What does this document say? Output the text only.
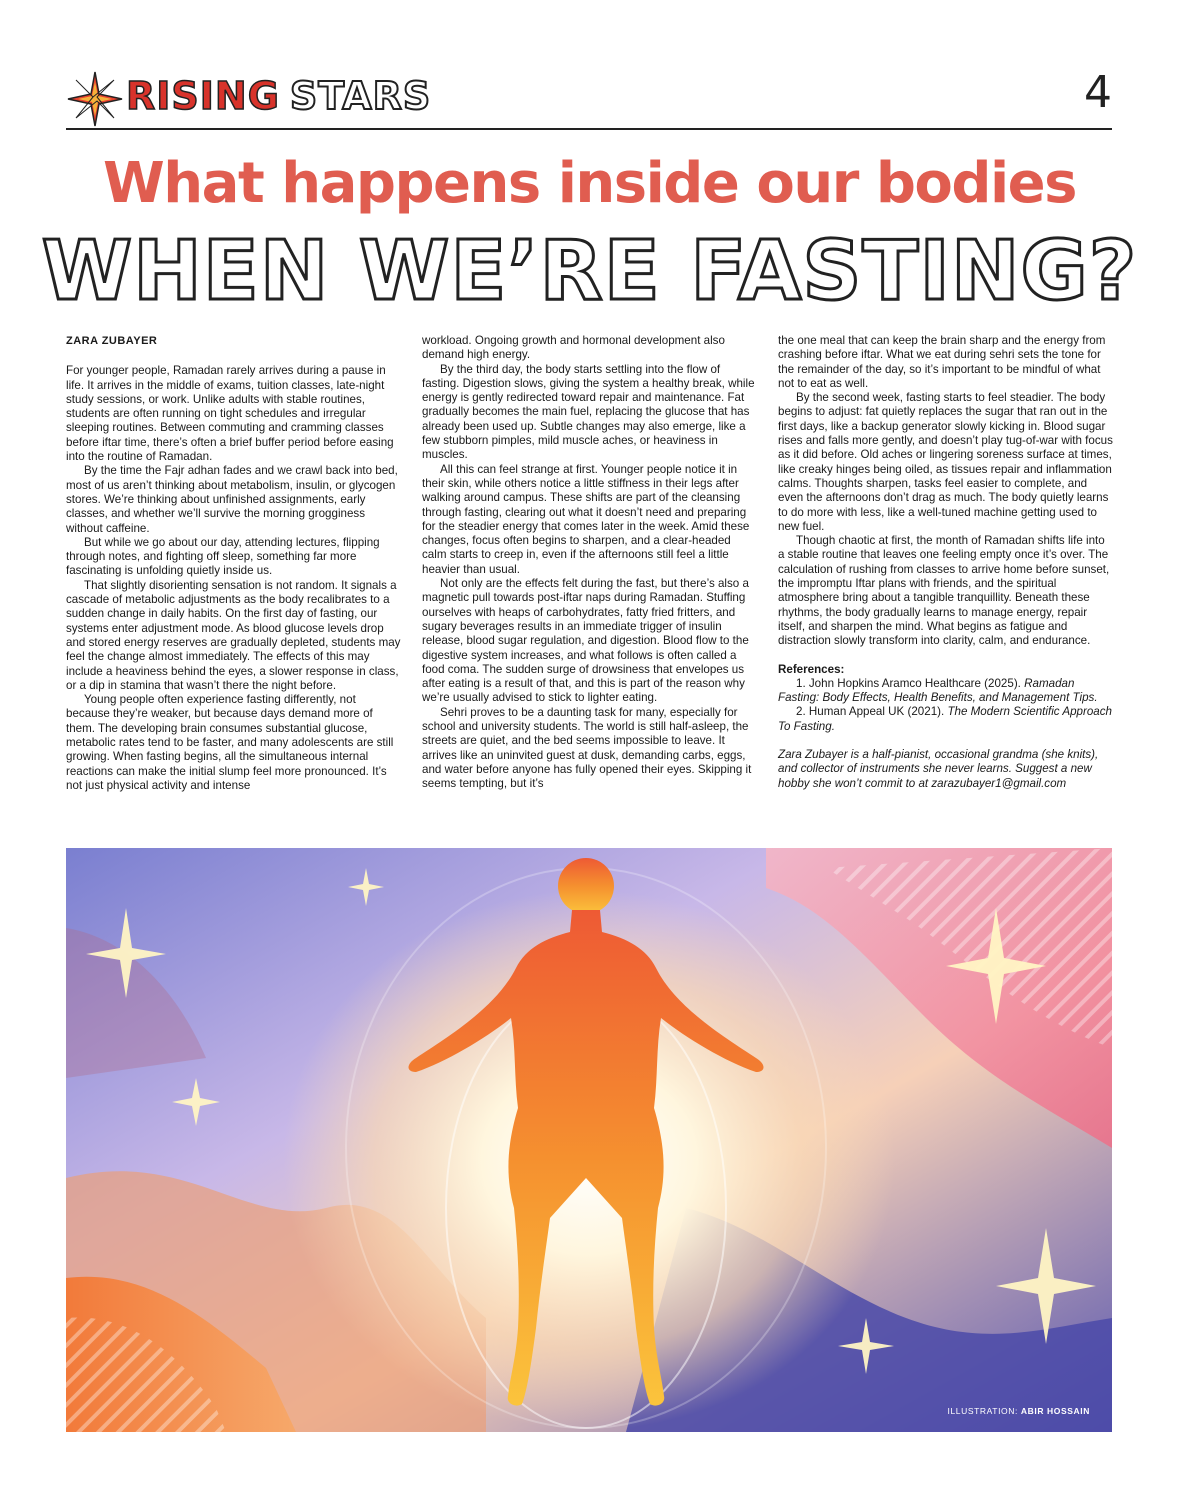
RISING STARS	4
What happens inside our bodies
WHEN WE’RE FASTING?

ZARA ZUBAYER

For younger people, Ramadan rarely arrives during a pause in life. It arrives in the middle of exams, tuition classes, late-night study sessions, or work. Unlike adults with stable routines, students are often running on tight schedules and irregular sleeping routines. Between commuting and cramming classes before iftar time, there’s often a brief buffer period before easing into the routine of Ramadan.

By the time the Fajr adhan fades and we crawl back into bed, most of us aren’t thinking about metabolism, insulin, or glycogen stores. We’re thinking about unfinished assignments, early classes, and whether we’ll survive the morning grogginess without caffeine.

But while we go about our day, attending lectures, flipping through notes, and fighting off sleep, something far more fascinating is unfolding quietly inside us.

That slightly disorienting sensation is not random. It signals a cascade of metabolic adjustments as the body recalibrates to a sudden change in daily habits. On the first day of fasting, our systems enter adjustment mode. As blood glucose levels drop and stored energy reserves are gradually depleted, students may feel the change almost immediately. The effects of this may include a heaviness behind the eyes, a slower response in class, or a dip in stamina that wasn’t there the night before.

Young people often experience fasting differently, not because they’re weaker, but because days demand more of them. The developing brain consumes substantial glucose, metabolic rates tend to be faster, and many adolescents are still growing. When fasting begins, all the simultaneous internal reactions can make the initial slump feel more pronounced. It’s not just physical activity and intense

workload. Ongoing growth and hormonal development also demand high energy.

By the third day, the body starts settling into the flow of fasting. Digestion slows, giving the system a healthy break, while energy is gently redirected toward repair and maintenance. Fat gradually becomes the main fuel, replacing the glucose that has already been used up. Subtle changes may also emerge, like a few stubborn pimples, mild muscle aches, or heaviness in muscles.

All this can feel strange at first. Younger people notice it in their skin, while others notice a little stiffness in their legs after walking around campus. These shifts are part of the cleansing through fasting, clearing out what it doesn’t need and preparing for the steadier energy that comes later in the week. Amid these changes, focus often begins to sharpen, and a clear-headed calm starts to creep in, even if the afternoons still feel a little heavier than usual.

Not only are the effects felt during the fast, but there’s also a magnetic pull towards post-iftar naps during Ramadan. Stuffing ourselves with heaps of carbohydrates, fatty fried fritters, and sugary beverages results in an immediate trigger of insulin release, blood sugar regulation, and digestion. Blood flow to the digestive system increases, and what follows is often called a food coma. The sudden surge of drowsiness that envelopes us after eating is a result of that, and this is part of the reason why we’re usually advised to stick to lighter eating.

Sehri proves to be a daunting task for many, especially for school and university students. The world is still half-asleep, the streets are quiet, and the bed seems impossible to leave. It arrives like an uninvited guest at dusk, demanding carbs, eggs, and water before anyone has fully opened their eyes. Skipping it seems tempting, but it’s

the one meal that can keep the brain sharp and the energy from crashing before iftar. What we eat during sehri sets the tone for the remainder of the day, so it’s important to be mindful of what not to eat as well.

By the second week, fasting starts to feel steadier. The body begins to adjust: fat quietly replaces the sugar that ran out in the first days, like a backup generator slowly kicking in. Blood sugar rises and falls more gently, and doesn’t play tug-of-war with focus as it did before. Old aches or lingering soreness surface at times, like creaky hinges being oiled, as tissues repair and inflammation calms. Thoughts sharpen, tasks feel easier to complete, and even the afternoons don’t drag as much. The body quietly learns to do more with less, like a well-tuned machine getting used to new fuel.

Though chaotic at first, the month of Ramadan shifts life into a stable routine that leaves one feeling empty once it’s over. The calculation of rushing from classes to arrive home before sunset, the impromptu Iftar plans with friends, and the spiritual atmosphere bring about a tangible tranquillity. Beneath these rhythms, the body gradually learns to manage energy, repair itself, and sharpen the mind. What begins as fatigue and distraction slowly transform into clarity, calm, and endurance.

References:

1. John Hopkins Aramco Healthcare (2025). Ramadan Fasting: Body Effects, Health Benefits, and Management Tips.

2. Human Appeal UK (2021). The Modern Scientific Approach To Fasting.

Zara Zubayer is a half-pianist, occasional grandma (she knits), and collector of instruments she never learns. Suggest a new hobby she won’t commit to at zarazubayer1@gmail.com

ILLUSTRATION: ABIR HOSSAIN
